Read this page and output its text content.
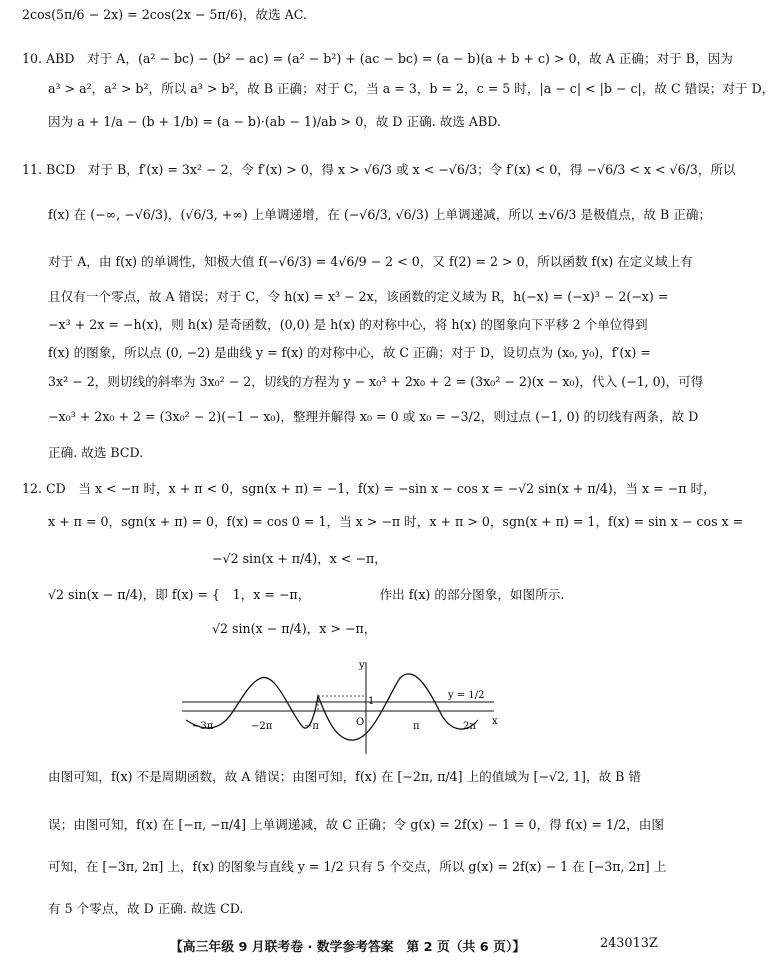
2cos(5π/6 − 2x) = 2cos(2x − 5π/6)，故选 AC.
10. ABD　对于 A，(a² − bc) − (b² − ac) = (a² − b²) + (ac − bc) = (a − b)(a + b + c) > 0，故 A 正确；对于 B，因为
a³ > a²，a² > b²，所以 a³ > b²，故 B 正确；对于 C，当 a = 3，b = 2，c = 5 时，|a − c| < |b − c|，故 C 错误；对于 D，
因为 a + 1/a − (b + 1/b) = (a − b)·(ab − 1)/ab > 0，故 D 正确. 故选 ABD.
11. BCD　对于 B，f′(x) = 3x² − 2，令 f′(x) > 0，得 x > √6/3 或 x < −√6/3；令 f′(x) < 0，得 −√6/3 < x < √6/3，所以
f(x) 在 (−∞, −√6/3)，(√6/3, +∞) 上单调递增，在 (−√6/3, √6/3) 上单调递减，所以 ±√6/3 是极值点，故 B 正确；
对于 A，由 f(x) 的单调性，知极大值 f(−√6/3) = 4√6/9 − 2 < 0，又 f(2) = 2 > 0，所以函数 f(x) 在定义域上有
且仅有一个零点，故 A 错误；对于 C，令 h(x) = x³ − 2x，该函数的定义域为 R，h(−x) = (−x)³ − 2(−x) =
−x³ + 2x = −h(x)，则 h(x) 是奇函数，(0,0) 是 h(x) 的对称中心，将 h(x) 的图象向下平移 2 个单位得到
f(x) 的图象，所以点 (0, −2) 是曲线 y = f(x) 的对称中心，故 C 正确；对于 D，设切点为 (x₀, y₀)，f′(x) =
3x² − 2，则切线的斜率为 3x₀² − 2，切线的方程为 y − x₀³ + 2x₀ + 2 = (3x₀² − 2)(x − x₀)，代入 (−1, 0)，可得
−x₀³ + 2x₀ + 2 = (3x₀² − 2)(−1 − x₀)，整理并解得 x₀ = 0 或 x₀ = −3/2，则过点 (−1, 0) 的切线有两条，故 D
正确. 故选 BCD.
12. CD　当 x < −π 时，x + π < 0，sgn(x + π) = −1，f(x) = −sin x − cos x = −√2 sin(x + π/4)，当 x = −π 时，
x + π = 0，sgn(x + π) = 0，f(x) = cos 0 = 1，当 x > −π 时，x + π > 0，sgn(x + π) = 1，f(x) = sin x − cos x =
−√2 sin(x + π/4)，x < −π，
√2 sin(x − π/4)，即 f(x) = {　1，x = −π，　　　　　　作出 f(x) 的部分图象，如图所示.
√2 sin(x − π/4)，x > −π，
由图可知，f(x) 不是周期函数，故 A 错误；由图可知，f(x) 在 [−2π, π/4] 上的值域为 [−√2, 1]，故 B 错
误；由图可知，f(x) 在 [−π, −π/4] 上单调递减，故 C 正确；令 g(x) = 2f(x) − 1 = 0，得 f(x) = 1/2，由图
可知，在 [−3π, 2π] 上，f(x) 的图象与直线 y = 1/2 只有 5 个交点，所以 g(x) = 2f(x) − 1 在 [−3π, 2π] 上
有 5 个零点，故 D 正确. 故选 CD.
y
x
O
1
y = 1/2
−3π	−2π	−π	π	2π
【高三年级 9 月联考卷 · 数学参考答案　第 2 页（共 6 页）】	243013Z
